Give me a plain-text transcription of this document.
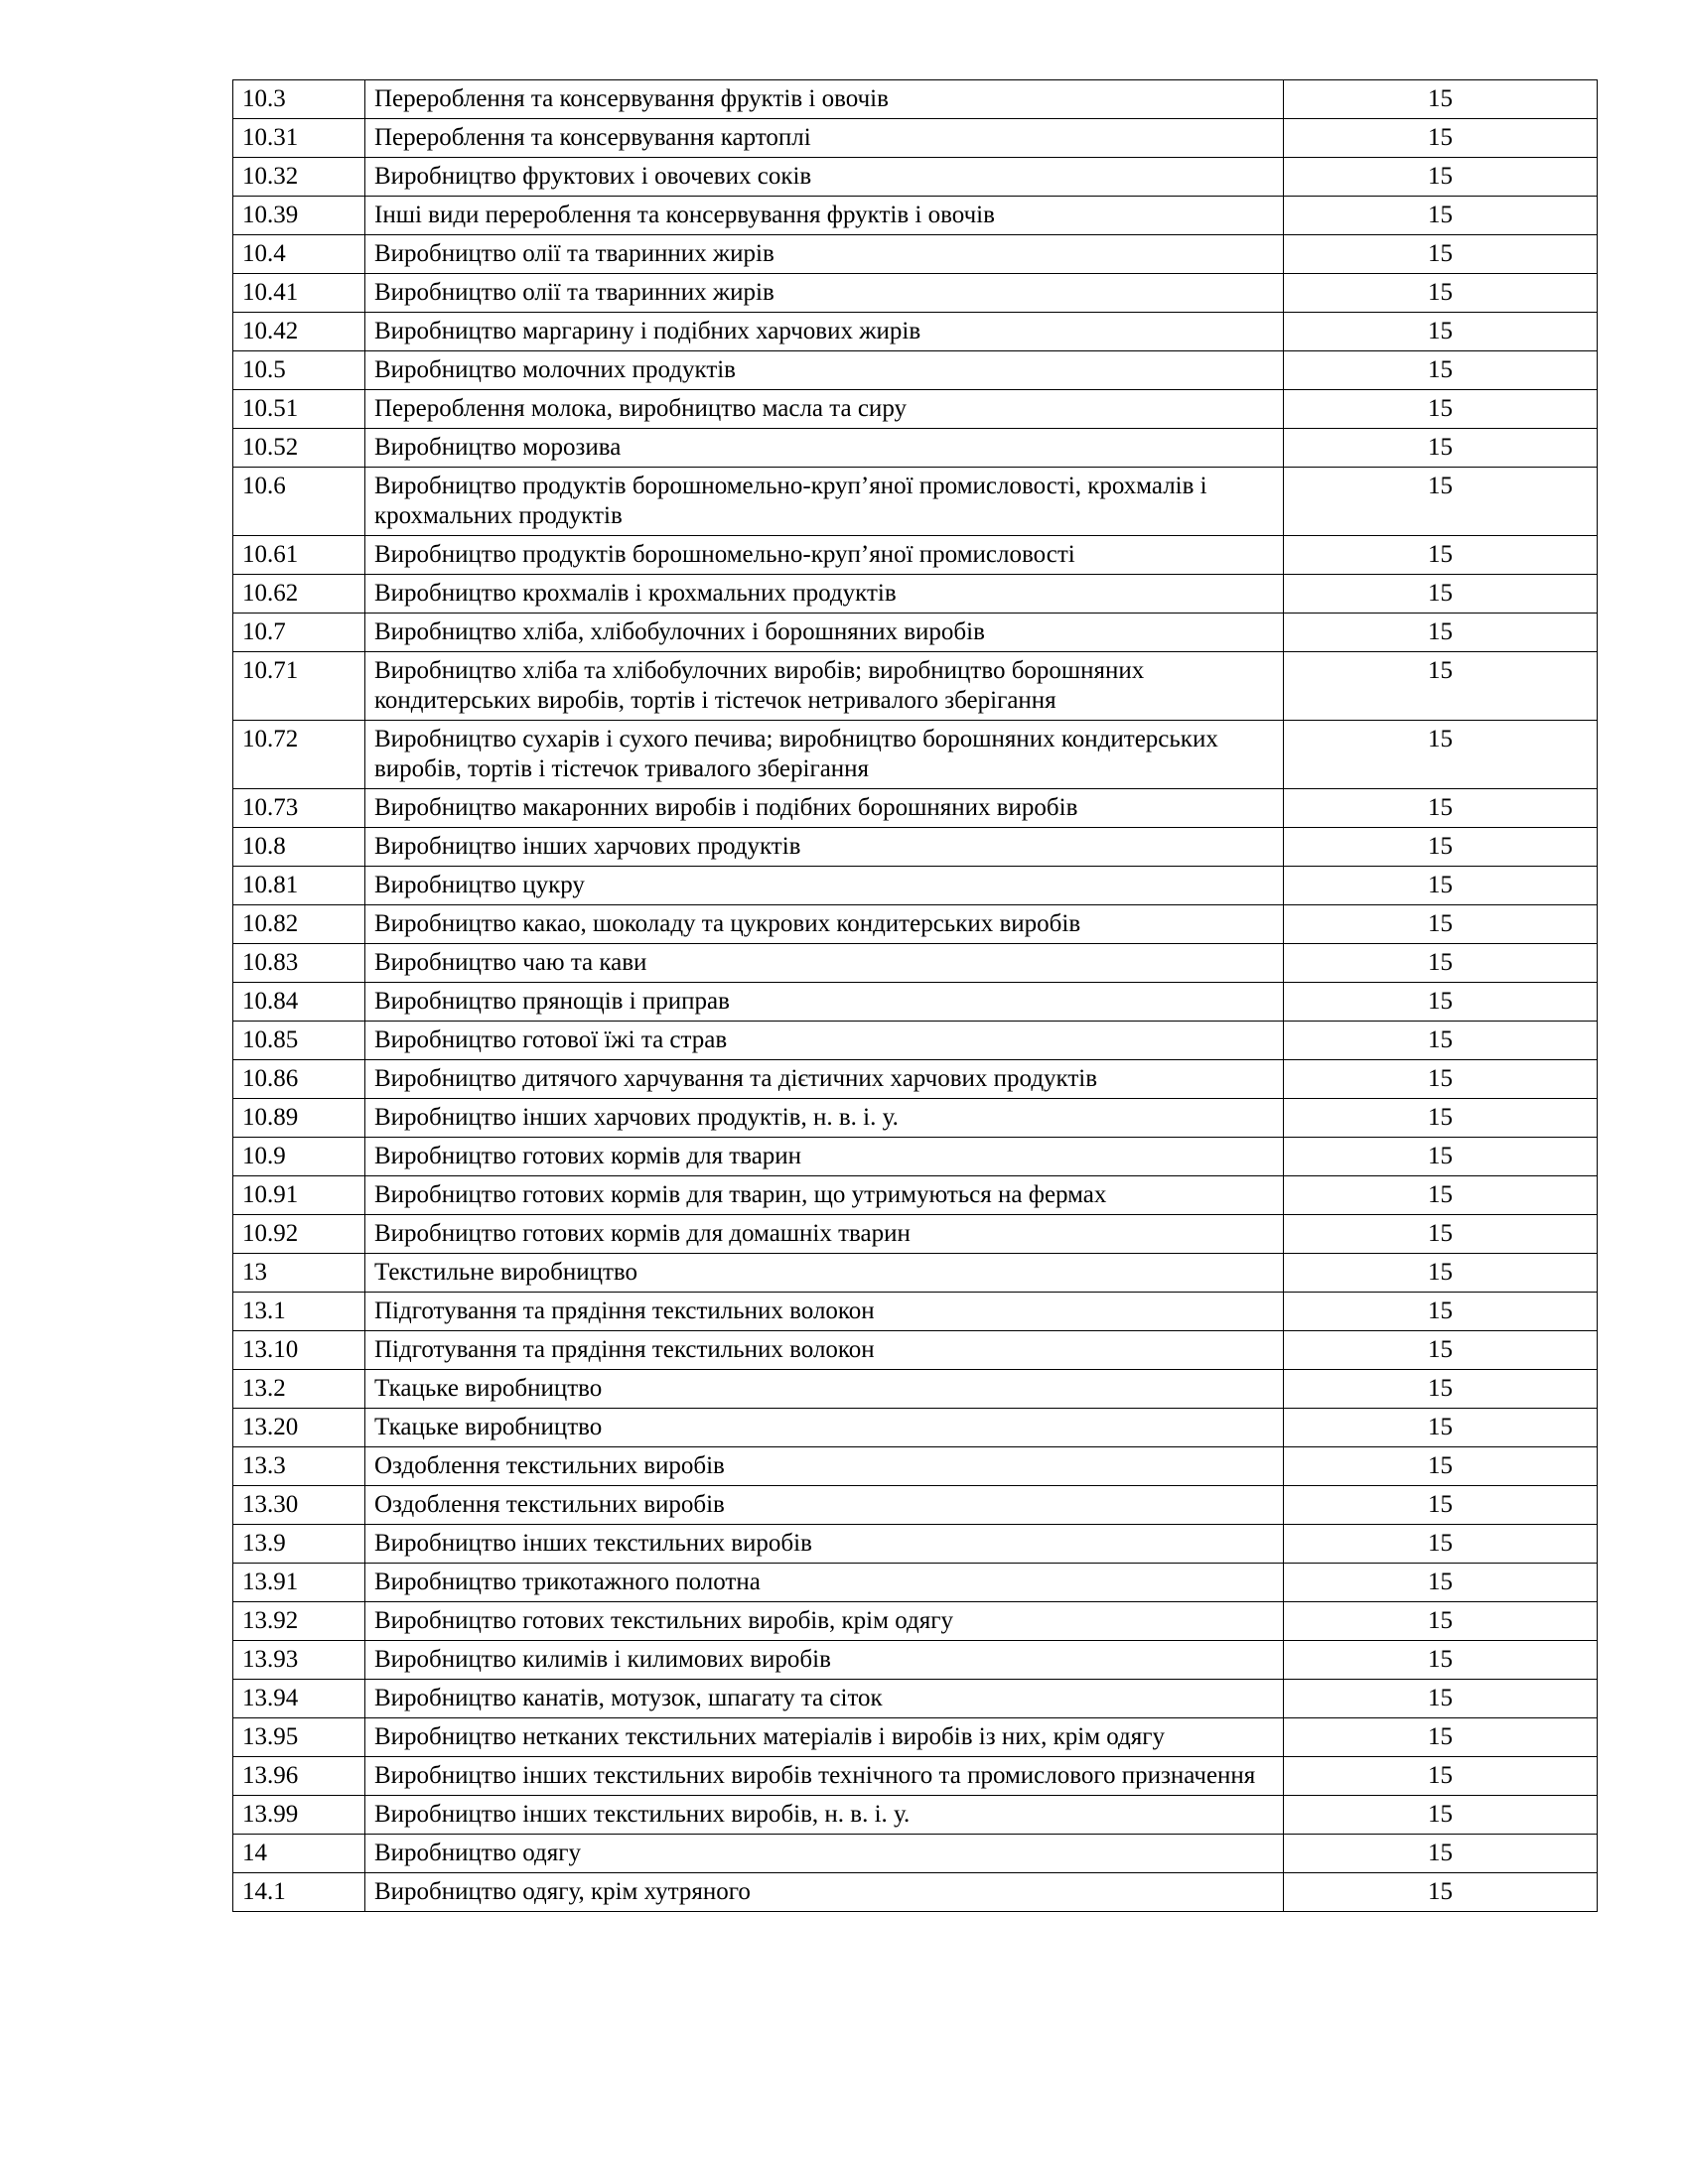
10.3	Перероблення та консервування фруктів і овочів	15
10.31	Перероблення та консервування картоплі	15
10.32	Виробництво фруктових і овочевих соків	15
10.39	Інші види перероблення та консервування фруктів і овочів	15
10.4	Виробництво олії та тваринних жирів	15
10.41	Виробництво олії та тваринних жирів	15
10.42	Виробництво маргарину і подібних харчових жирів	15
10.5	Виробництво молочних продуктів	15
10.51	Перероблення молока, виробництво масла та сиру	15
10.52	Виробництво морозива	15
10.6	Виробництво продуктів борошномельно-круп’яної промисловості, крохмалів і крохмальних продуктів	15
10.61	Виробництво продуктів борошномельно-круп’яної промисловості	15
10.62	Виробництво крохмалів і крохмальних продуктів	15
10.7	Виробництво хліба, хлібобулочних і борошняних виробів	15
10.71	Виробництво хліба та хлібобулочних виробів; виробництво борошняних кондитерських виробів, тортів і тістечок нетривалого зберігання	15
10.72	Виробництво сухарів і сухого печива; виробництво борошняних кондитерських виробів, тортів і тістечок тривалого зберігання	15
10.73	Виробництво макаронних виробів і подібних борошняних виробів	15
10.8	Виробництво інших харчових продуктів	15
10.81	Виробництво цукру	15
10.82	Виробництво какао, шоколаду та цукрових кондитерських виробів	15
10.83	Виробництво чаю та кави	15
10.84	Виробництво прянощів і приправ	15
10.85	Виробництво готової їжі та страв	15
10.86	Виробництво дитячого харчування та дієтичних харчових продуктів	15
10.89	Виробництво інших харчових продуктів, н. в. і. у.	15
10.9	Виробництво готових кормів для тварин	15
10.91	Виробництво готових кормів для тварин, що утримуються на фермах	15
10.92	Виробництво готових кормів для домашніх тварин	15
13	Текстильне виробництво	15
13.1	Підготування та прядіння текстильних волокон	15
13.10	Підготування та прядіння текстильних волокон	15
13.2	Ткацьке виробництво	15
13.20	Ткацьке виробництво	15
13.3	Оздоблення текстильних виробів	15
13.30	Оздоблення текстильних виробів	15
13.9	Виробництво інших текстильних виробів	15
13.91	Виробництво трикотажного полотна	15
13.92	Виробництво готових текстильних виробів, крім одягу	15
13.93	Виробництво килимів і килимових виробів	15
13.94	Виробництво канатів, мотузок, шпагату та сіток	15
13.95	Виробництво нетканих текстильних матеріалів і виробів із них, крім одягу	15
13.96	Виробництво інших текстильних виробів технічного та промислового призначення	15
13.99	Виробництво інших текстильних виробів, н. в. і. у.	15
14	Виробництво одягу	15
14.1	Виробництво одягу, крім хутряного	15
